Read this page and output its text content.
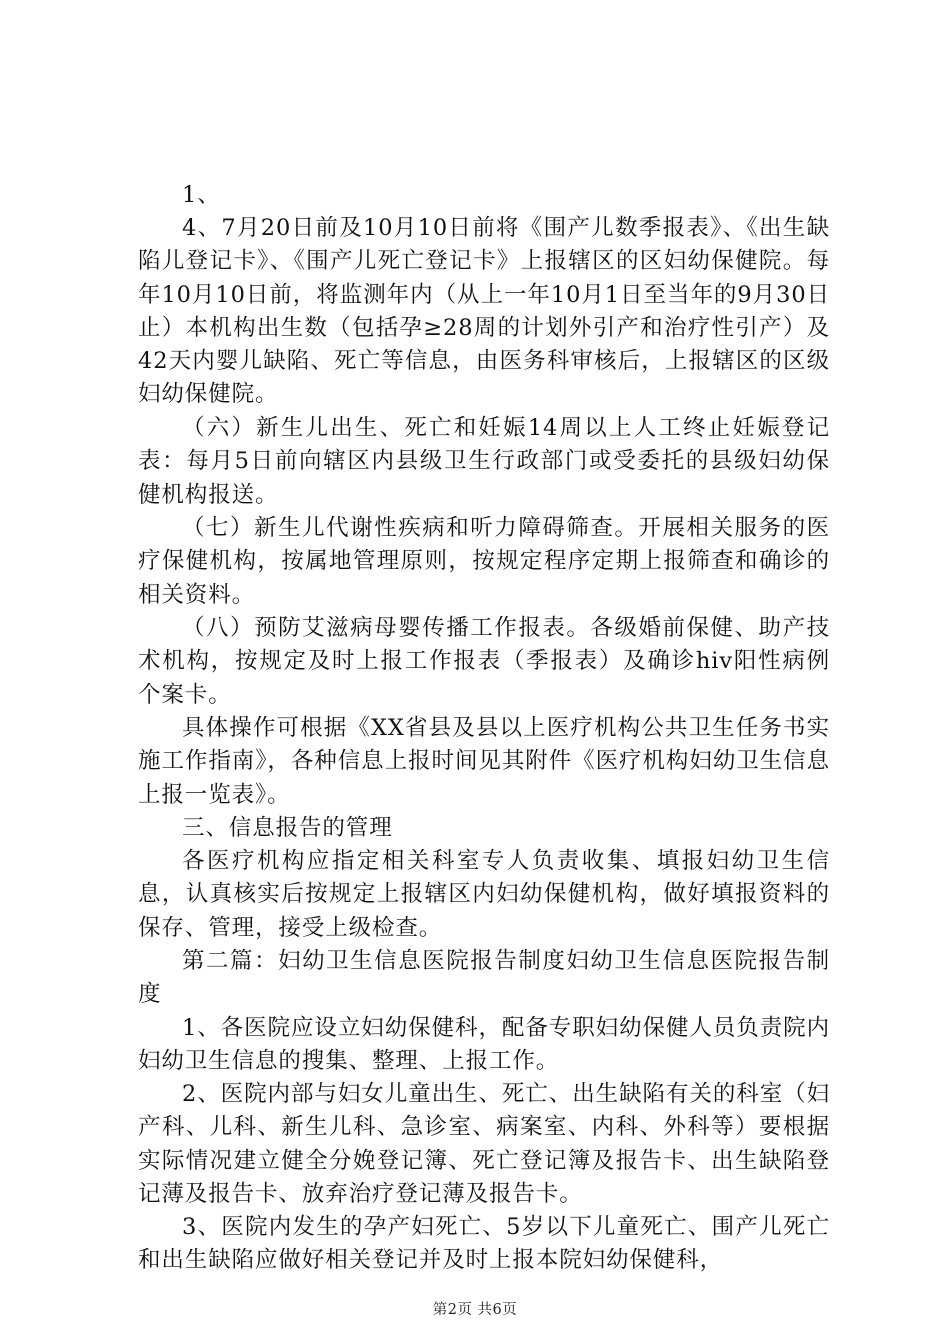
1、

4、7月20日前及10月10日前将《围产儿数季报表》、《出生缺陷儿登记卡》、《围产儿死亡登记卡》上报辖区的区妇幼保健院。每年10月10日前，将监测年内（从上一年10月1日至当年的9月30日止）本机构出生数（包括孕≥28周的计划外引产和治疗性引产）及42天内婴儿缺陷、死亡等信息，由医务科审核后，上报辖区的区级妇幼保健院。

（六）新生儿出生、死亡和妊娠14周以上人工终止妊娠登记表：每月5日前向辖区内县级卫生行政部门或受委托的县级妇幼保健机构报送。

（七）新生儿代谢性疾病和听力障碍筛查。开展相关服务的医疗保健机构，按属地管理原则，按规定程序定期上报筛查和确诊的相关资料。

（八）预防艾滋病母婴传播工作报表。各级婚前保健、助产技术机构，按规定及时上报工作报表（季报表）及确诊hiv阳性病例个案卡。

具体操作可根据《XX省县及县以上医疗机构公共卫生任务书实施工作指南》，各种信息上报时间见其附件《医疗机构妇幼卫生信息上报一览表》。

三、信息报告的管理

各医疗机构应指定相关科室专人负责收集、填报妇幼卫生信息，认真核实后按规定上报辖区内妇幼保健机构，做好填报资料的保存、管理，接受上级检查。

第二篇：妇幼卫生信息医院报告制度妇幼卫生信息医院报告制度

1、各医院应设立妇幼保健科，配备专职妇幼保健人员负责院内妇幼卫生信息的搜集、整理、上报工作。

2、医院内部与妇女儿童出生、死亡、出生缺陷有关的科室（妇产科、儿科、新生儿科、急诊室、病案室、内科、外科等）要根据实际情况建立健全分娩登记簿、死亡登记簿及报告卡、出生缺陷登记薄及报告卡、放弃治疗登记薄及报告卡。

3、医院内发生的孕产妇死亡、5岁以下儿童死亡、围产儿死亡和出生缺陷应做好相关登记并及时上报本院妇幼保健科，

第2页 共6页
